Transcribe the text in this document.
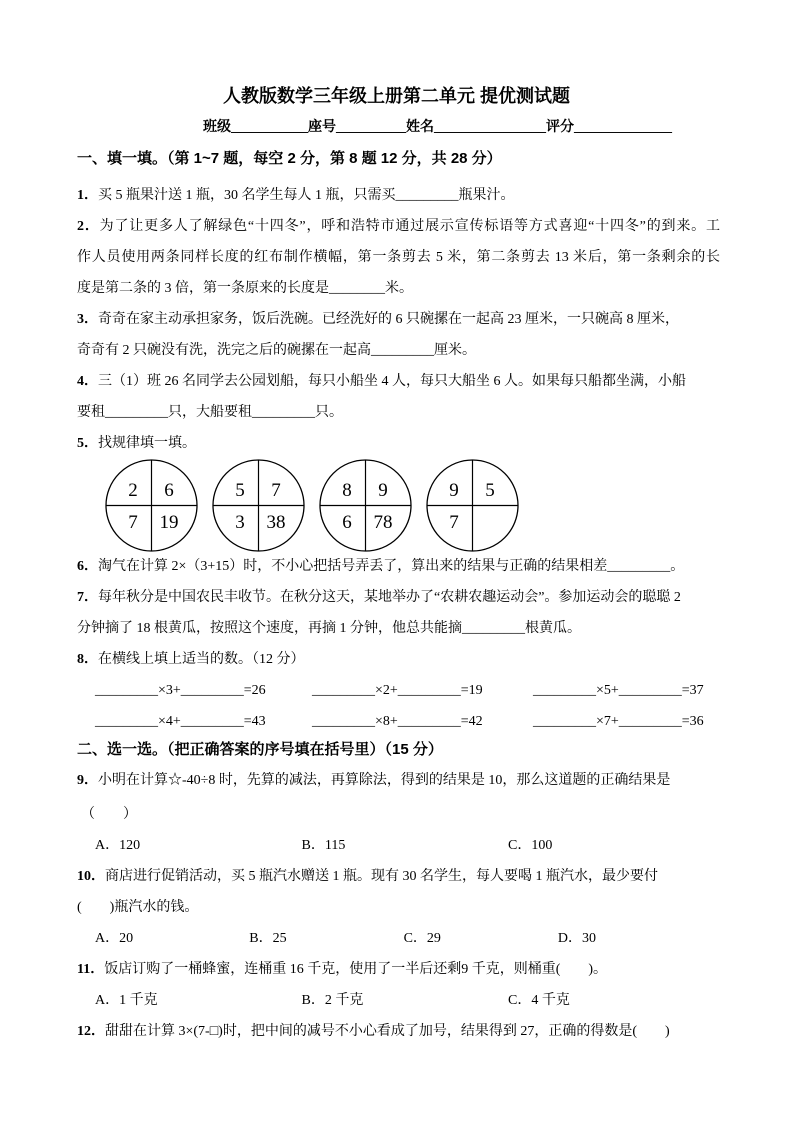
人教版数学三年级上册第二单元 提优测试题
班级___________座号__________姓名________________评分______________
一、填一填。（第 1~7 题，每空 2 分，第 8 题 12 分，共 28 分）
1．买 5 瓶果汁送 1 瓶，30 名学生每人 1 瓶，只需买_________瓶果汁。
2．为了让更多人了解绿色“十四冬”，呼和浩特市通过展示宣传标语等方式喜迎“十四冬”的到来。工
作人员使用两条同样长度的红布制作横幅，第一条剪去 5 米，第二条剪去 13 米后，第一条剩余的长
度是第二条的 3 倍，第一条原来的长度是________米。
3．奇奇在家主动承担家务，饭后洗碗。已经洗好的 6 只碗摞在一起高 23 厘米，一只碗高 8 厘米，
奇奇有 2 只碗没有洗，洗完之后的碗摞在一起高_________厘米。
4．三（1）班 26 名同学去公园划船，每只小船坐 4 人，每只大船坐 6 人。如果每只船都坐满，小船
要租_________只，大船要租_________只。
5．找规律填一填。
2 6
7 19
5 7
3 38
8 9
6 78
9 5
7
6．淘气在计算 2×（3+15）时，不小心把括号弄丢了，算出来的结果与正确的结果相差_________。
7．每年秋分是中国农民丰收节。在秋分这天，某地举办了“农耕农趣运动会”。参加运动会的聪聪 2
分钟摘了 18 根黄瓜，按照这个速度，再摘 1 分钟，他总共能摘_________根黄瓜。
8．在横线上填上适当的数。（12 分）
_________×3+_________=26	_________×2+_________=19	_________×5+_________=37
_________×4+_________=43	_________×8+_________=42	_________×7+_________=36
二、选一选。（把正确答案的序号填在括号里）（15 分）
9．小明在计算☆-40÷8 时，先算的减法，再算除法，得到的结果是 10，那么这道题的正确结果是
（　　）
A．120	B．115	C．100
10．商店进行促销活动，买 5 瓶汽水赠送 1 瓶。现有 30 名学生，每人要喝 1 瓶汽水，最少要付
(　　)瓶汽水的钱。
A．20	B．25	C．29	D．30
11．饭店订购了一桶蜂蜜，连桶重 16 千克，使用了一半后还剩9 千克，则桶重(　　)。
A．1 千克	B．2 千克	C．4 千克
12．甜甜在计算 3×(7-□)时，把中间的减号不小心看成了加号，结果得到 27，正确的得数是(　　)
